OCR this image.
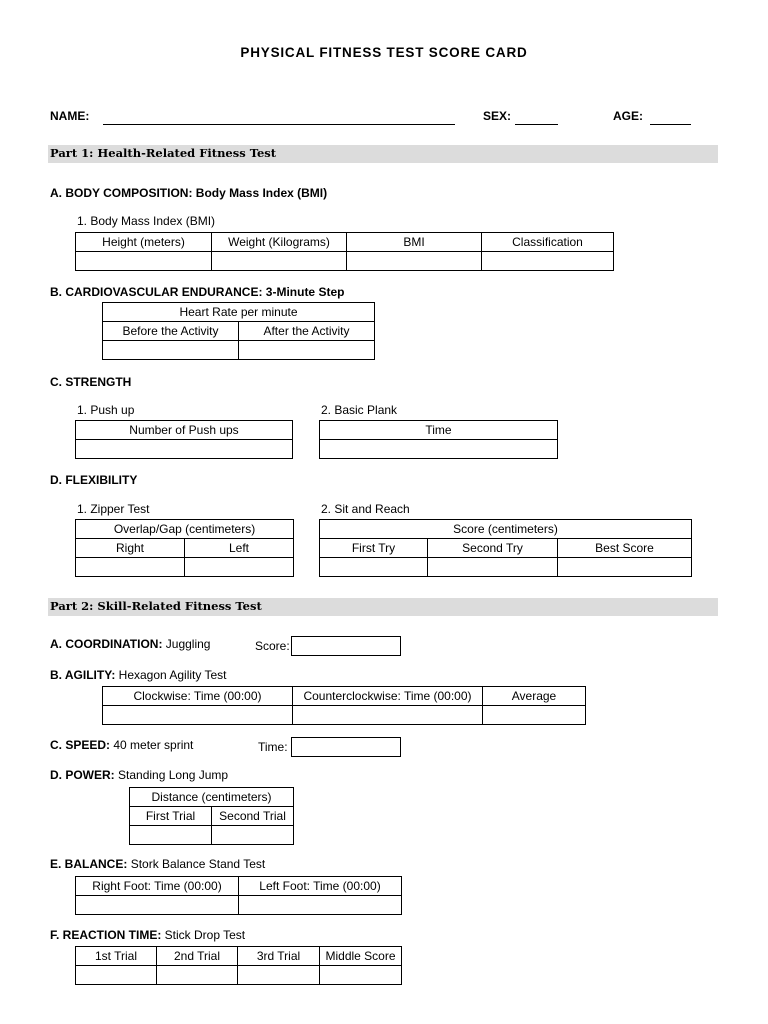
PHYSICAL FITNESS TEST SCORE CARD
NAME:	SEX:	AGE:
Part 1: Health-Related Fitness Test
A. BODY COMPOSITION: Body Mass Index (BMI)
1. Body Mass Index (BMI)
Height (meters)	Weight (Kilograms)	BMI	Classification

B. CARDIOVASCULAR ENDURANCE: 3-Minute Step
Heart Rate per minute	
Before the Activity	After the Activity

C. STRENGTH
1. Push up
Number of Push ups

2. Basic Plank
Time

D. FLEXIBILITY
1. Zipper Test
Overlap/Gap (centimeters)	
Right	Left

2. Sit and Reach
Score (centimeters)		
First Try	Second Try	Best Score

Part 2: Skill-Related Fitness Test
A. COORDINATION: Juggling	Score:
B. AGILITY: Hexagon Agility Test
Clockwise: Time (00:00)	Counterclockwise: Time (00:00)	Average

C. SPEED: 40 meter sprint	Time:
D. POWER: Standing Long Jump
Distance (centimeters)	
First Trial	Second Trial

E. BALANCE: Stork Balance Stand Test
Right Foot: Time (00:00)	Left Foot: Time (00:00)

F. REACTION TIME: Stick Drop Test
1st Trial	2nd Trial	3rd Trial	Middle Score
